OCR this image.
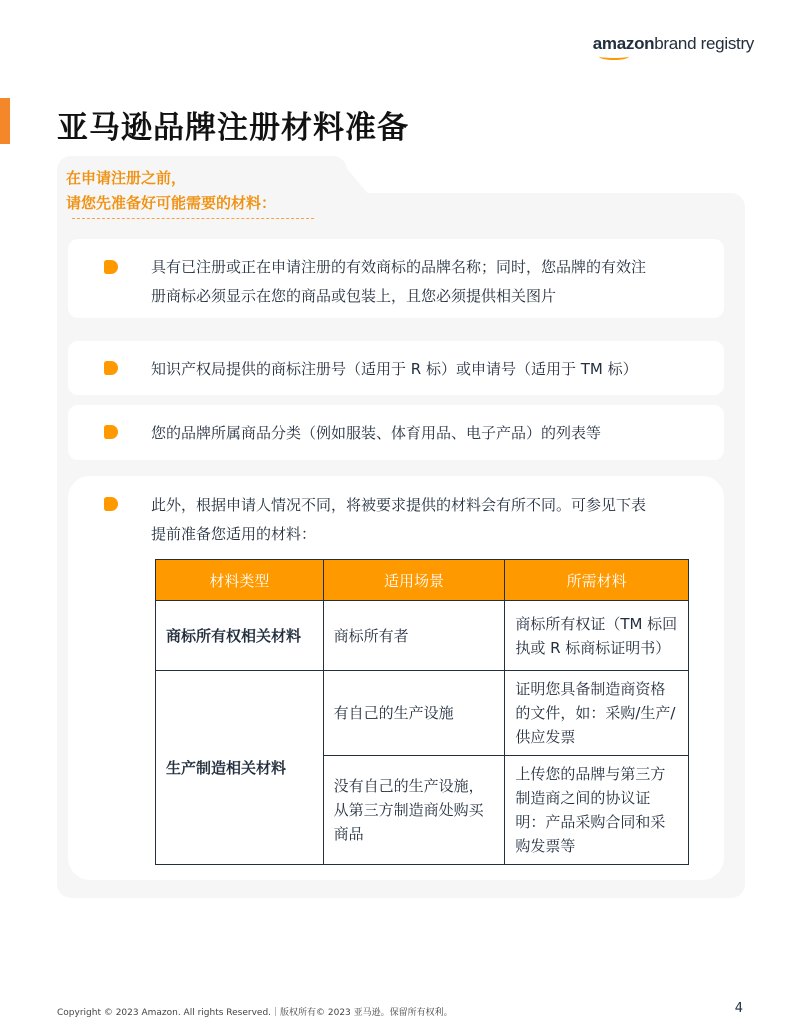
amazonbrand registry
亚马逊品牌注册材料准备
在申请注册之前，
请您先准备好可能需要的材料：
具有已注册或正在申请注册的有效商标的品牌名称；同时，您品牌的有效注
册商标必须显示在您的商品或包装上，且您必须提供相关图片
知识产权局提供的商标注册号（适用于 R 标）或申请号（适用于 TM 标）
您的品牌所属商品分类（例如服装、体育用品、电子产品）的列表等
此外，根据申请人情况不同，将被要求提供的材料会有所不同。可参见下表
提前准备您适用的材料：
材料类型	适用场景	所需材料
商标所有权相关材料	商标所有者	商标所有权证（TM 标回执或 R 标商标证明书）
生产制造相关材料	有自己的生产设施	证明您具备制造商资格的文件，如：采购/生产/供应发票
	没有自己的生产设施，从第三方制造商处购买商品	上传您的品牌与第三方制造商之间的协议证明：产品采购合同和采购发票等
Copyright © 2023 Amazon. All rights Reserved.｜版权所有© 2023 亚马逊。保留所有权利。	4
